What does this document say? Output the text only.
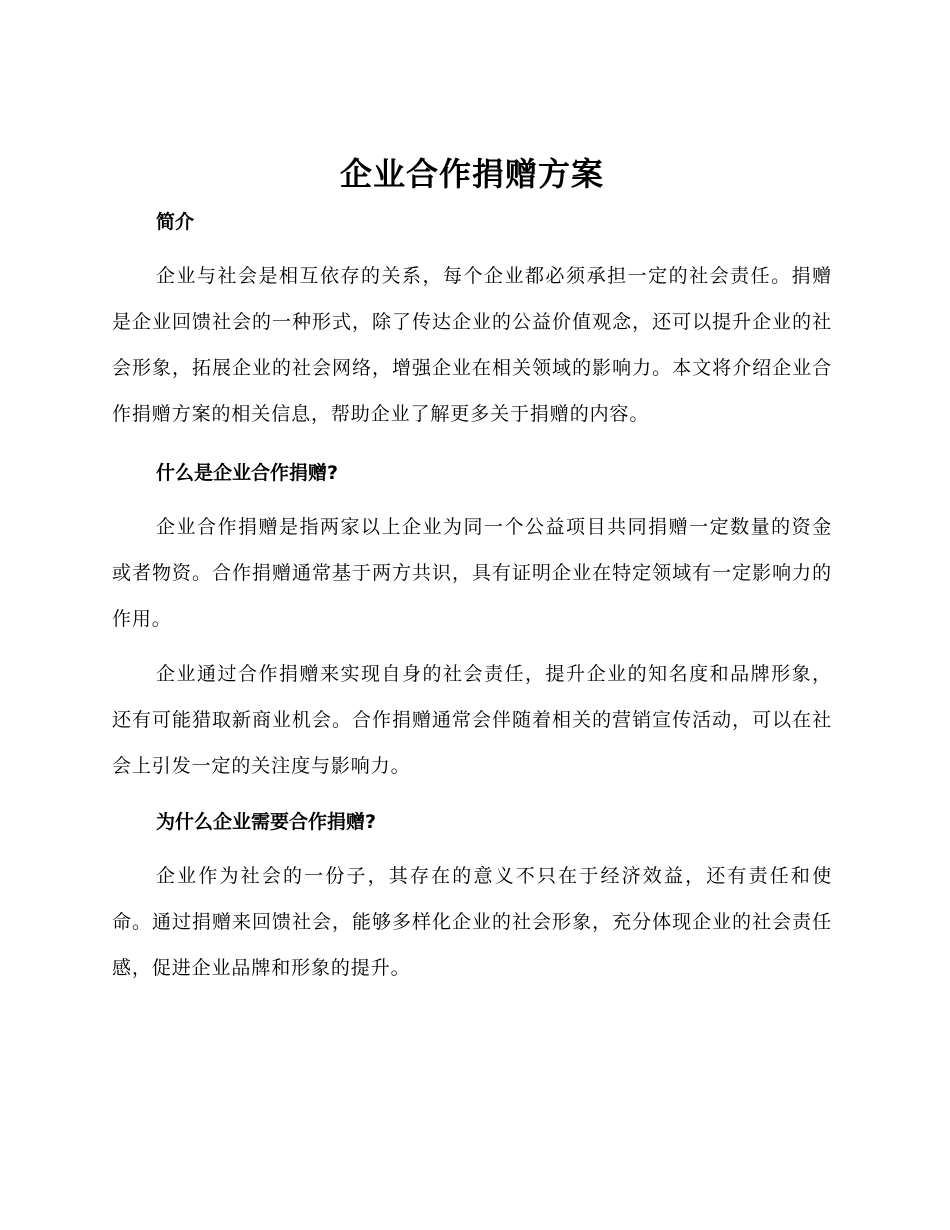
企业合作捐赠方案
简介

企业与社会是相互依存的关系，每个企业都必须承担一定的社会责任。捐赠是企业回馈社会的一种形式，除了传达企业的公益价值观念，还可以提升企业的社会形象，拓展企业的社会网络，增强企业在相关领域的影响力。本文将介绍企业合作捐赠方案的相关信息，帮助企业了解更多关于捐赠的内容。

什么是企业合作捐赠?

企业合作捐赠是指两家以上企业为同一个公益项目共同捐赠一定数量的资金或者物资。合作捐赠通常基于两方共识，具有证明企业在特定领域有一定影响力的作用。

企业通过合作捐赠来实现自身的社会责任，提升企业的知名度和品牌形象，还有可能猎取新商业机会。合作捐赠通常会伴随着相关的营销宣传活动，可以在社会上引发一定的关注度与影响力。

为什么企业需要合作捐赠?

企业作为社会的一份子，其存在的意义不只在于经济效益，还有责任和使命。通过捐赠来回馈社会，能够多样化企业的社会形象，充分体现企业的社会责任感，促进企业品牌和形象的提升。
